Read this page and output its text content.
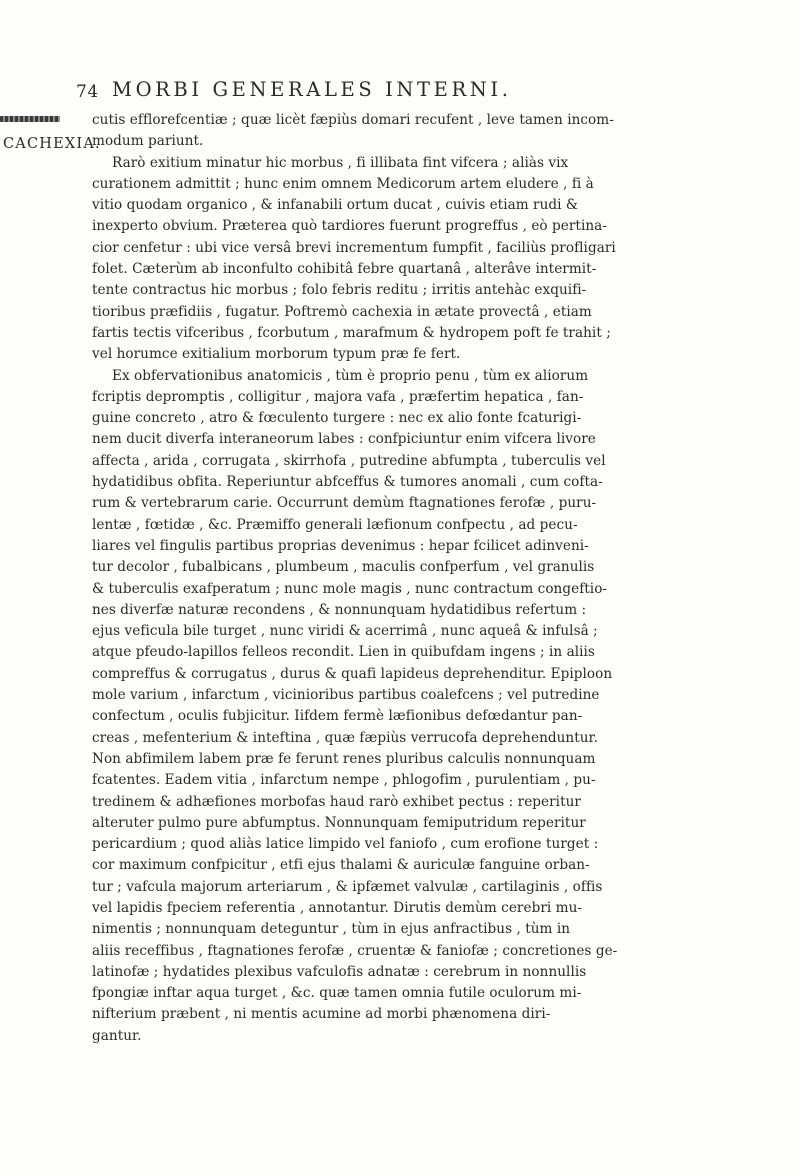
74 MORBI GENERALES INTERNI.
CACHEXIA.
cutis efflorefcentiæ ; quæ licèt fæpiùs domari recufent , leve tamen incom-
modum pariunt.
Rarò exitium minatur hic morbus , fi illibata fint vifcera ; aliàs vix
curationem admittit ; hunc enim omnem Medicorum artem eludere , fi à
vitio quodam organico , & infanabili ortum ducat , cuivis etiam rudi &
inexperto obvium. Præterea quò tardiores fuerunt progreffus , eò pertina-
cior cenfetur : ubi vice versâ brevi incrementum fumpfit , faciliùs profligari
folet. Cæterùm ab inconfulto cohibitâ febre quartanâ , alterâve intermit-
tente contractus hic morbus ; folo febris reditu ; irritis antehàc exquifi-
tioribus præfidiis , fugatur. Poftremò cachexia in ætate provectâ , etiam
fartis tectis vifceribus , fcorbutum , marafmum & hydropem poft fe trahit ;
vel horumce exitialium morborum typum præ fe fert.
Ex obfervationibus anatomicis , tùm è proprio penu , tùm ex aliorum
fcriptis depromptis , colligitur , majora vafa , præfertim hepatica , fan-
guine concreto , atro & fœculento turgere : nec ex alio fonte fcaturigi-
nem ducit diverfa interaneorum labes : confpiciuntur enim vifcera livore
affecta , arida , corrugata , skirrhofa , putredine abfumpta , tuberculis vel
hydatidibus obfita. Reperiuntur abfceffus & tumores anomali , cum cofta-
rum & vertebrarum carie. Occurrunt demùm ftagnationes ferofæ , puru-
lentæ , fœtidæ , &c. Præmiffo generali læfionum confpectu , ad pecu-
liares vel fingulis partibus proprias devenimus : hepar fcilicet adinveni-
tur decolor , fubalbicans , plumbeum , maculis confperfum , vel granulis
& tuberculis exafperatum ; nunc mole magis , nunc contractum congeftio-
nes diverfæ naturæ recondens , & nonnunquam hydatidibus refertum :
ejus veficula bile turget , nunc viridi & acerrimâ , nunc aqueâ & infulsâ ;
atque pfeudo-lapillos felleos recondit. Lien in quibufdam ingens ; in aliis
compreffus & corrugatus , durus & quafi lapideus deprehenditur. Epiploon
mole varium , infarctum , vicinioribus partibus coalefcens ; vel putredine
confectum , oculis fubjicitur. Iifdem fermè læfionibus defœdantur pan-
creas , mefenterium & inteftina , quæ fæpiùs verrucofa deprehenduntur.
Non abfimilem labem præ fe ferunt renes pluribus calculis nonnunquam
fcatentes. Eadem vitia , infarctum nempe , phlogofim , purulentiam , pu-
tredinem & adhæfiones morbofas haud rarò exhibet pectus : reperitur
alteruter pulmo pure abfumptus. Nonnunquam femiputridum reperitur
pericardium ; quod aliàs latice limpido vel faniofo , cum erofione turget :
cor maximum confpicitur , etfi ejus thalami & auriculæ fanguine orban-
tur ; vafcula majorum arteriarum , & ipfæmet valvulæ , cartilaginis , offis
vel lapidis fpeciem referentia , annotantur. Dirutis demùm cerebri mu-
nimentis ; nonnunquam deteguntur , tùm in ejus anfractibus , tùm in
aliis receffibus , ftagnationes ferofæ , cruentæ & faniofæ ; concretiones ge-
latinofæ ; hydatides plexibus vafculofis adnatæ : cerebrum in nonnullis
fpongiæ inftar aqua turget , &c. quæ tamen omnia futile oculorum mi-
nifterium præbent , ni mentis acumine ad morbi phænomena diri-
gantur.
